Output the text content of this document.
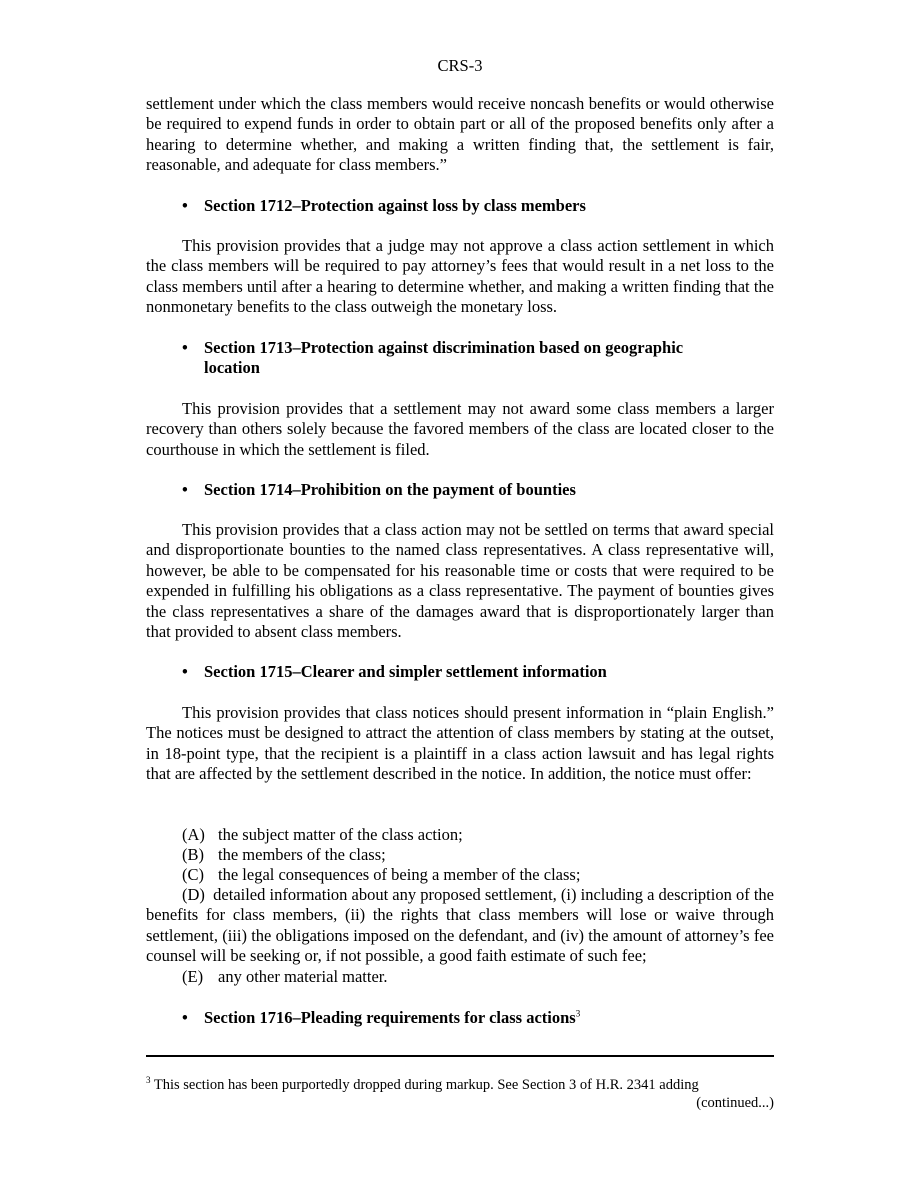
CRS-3

settlement under which the class members would receive noncash benefits or would otherwise be required to expend funds in order to obtain part or all of the proposed benefits only after a hearing to determine whether, and making a written finding that, the settlement is fair, reasonable, and adequate for class members.”

• Section 1712–Protection against loss by class members

This provision provides that a judge may not approve a class action settlement in which the class members will be required to pay attorney’s fees that would result in a net loss to the class members until after a hearing to determine whether, and making a written finding that the nonmonetary benefits to the class outweigh the monetary loss.

• Section 1713–Protection against discrimination based on geographic location

This provision provides that a settlement may not award some class members a larger recovery than others solely because the favored members of the class are located closer to the courthouse in which the settlement is filed.

• Section 1714–Prohibition on the payment of bounties

This provision provides that a class action may not be settled on terms that award special and disproportionate bounties to the named class representatives. A class representative will, however, be able to be compensated for his reasonable time or costs that were required to be expended in fulfilling his obligations as a class representative. The payment of bounties gives the class representatives a share of the damages award that is disproportionately larger than that provided to absent class members.

• Section 1715–Clearer and simpler settlement information

This provision provides that class notices should present information in “plain English.” The notices must be designed to attract the attention of class members by stating at the outset, in 18-point type, that the recipient is a plaintiff in a class action lawsuit and has legal rights that are affected by the settlement described in the notice. In addition, the notice must offer:

(A) the subject matter of the class action;
(B) the members of the class;
(C) the legal consequences of being a member of the class;

(D) detailed information about any proposed settlement, (i) including a description of the benefits for class members, (ii) the rights that class members will lose or waive through settlement, (iii) the obligations imposed on the defendant, and (iv) the amount of attorney’s fee counsel will be seeking or, if not possible, a good faith estimate of such fee;

(E) any other material matter.
• Section 1716–Pleading requirements for class actions$^3$
$^3$ This section has been purportedly dropped during markup. See Section 3 of H.R. 2341 adding
(continued...)
